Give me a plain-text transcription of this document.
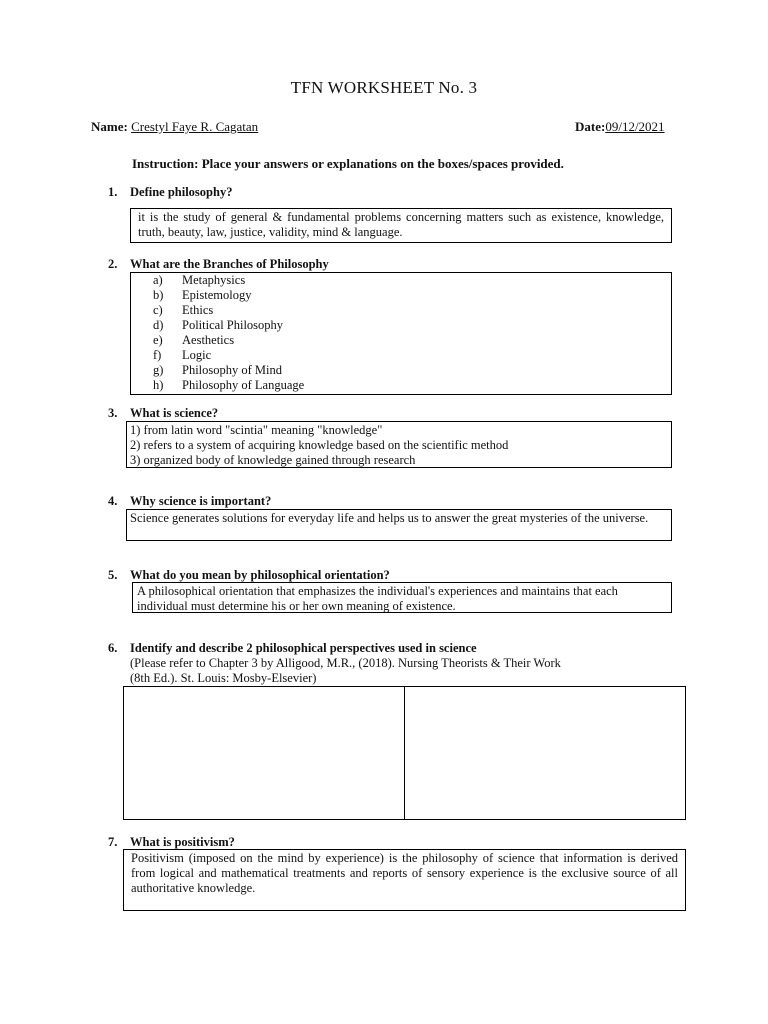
TFN WORKSHEET No. 3
Name: Crestyl Faye R. Cagatan	Date:09/12/2021
Instruction: Place your answers or explanations on the boxes/spaces provided.
1. Define philosophy?
it is the study of general & fundamental problems concerning matters such as existence, knowledge, truth, beauty, law, justice, validity, mind & language.
2. What are the Branches of Philosophy
a) Metaphysics
b) Epistemology
c) Ethics
d) Political Philosophy
e) Aesthetics
f) Logic
g) Philosophy of Mind
h) Philosophy of Language
3. What is science?
1) from latin word "scintia" meaning "knowledge"
2) refers to a system of acquiring knowledge based on the scientific method
3) organized body of knowledge gained through research
4. Why science is important?
Science generates solutions for everyday life and helps us to answer the great mysteries of the universe.
5. What do you mean by philosophical orientation?
A philosophical orientation that emphasizes the individual's experiences and maintains that each individual must determine his or her own meaning of existence.
6. Identify and describe 2 philosophical perspectives used in science
(Please refer to Chapter 3 by Alligood, M.R., (2018). Nursing Theorists & Their Work
(8th Ed.). St. Louis: Mosby-Elsevier)
7. What is positivism?
Positivism (imposed on the mind by experience) is the philosophy of science that information is derived from logical and mathematical treatments and reports of sensory experience is the exclusive source of all authoritative knowledge.
